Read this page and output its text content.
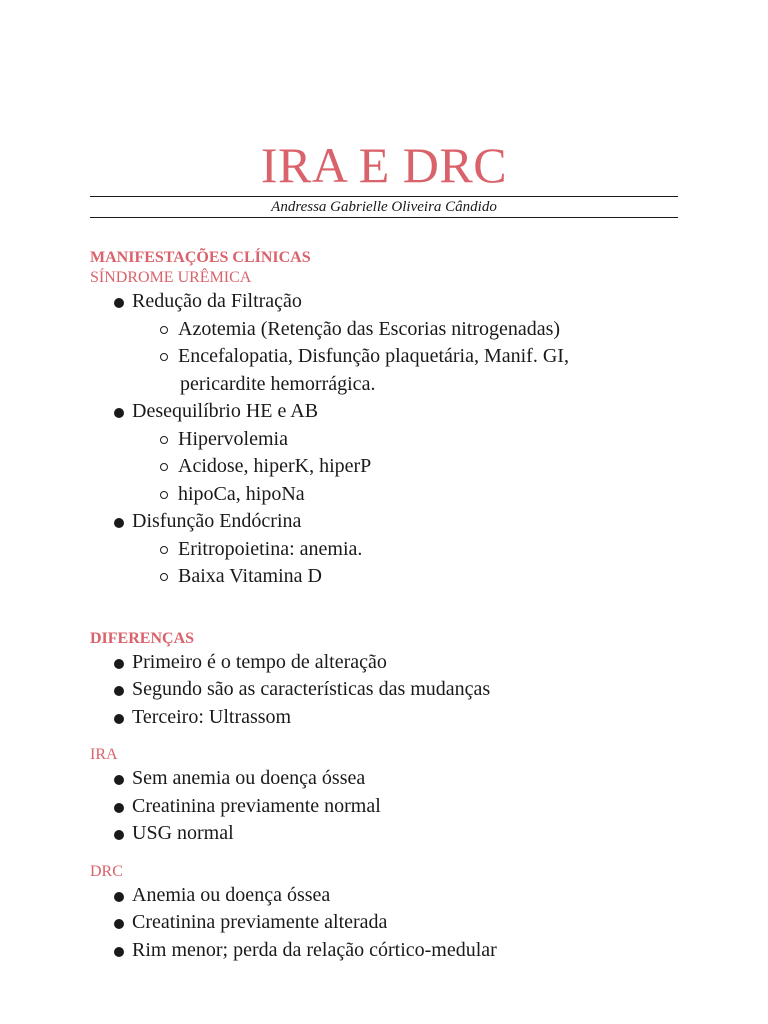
IRA E DRC
Andressa Gabrielle Oliveira Cândido
MANIFESTAÇÕES CLÍNICAS
SÍNDROME URÊMICA
Redução da Filtração
Azotemia (Retenção das Escorias nitrogenadas)
Encefalopatia, Disfunção plaquetária, Manif. GI,
pericardite hemorrágica.
Desequilíbrio HE e AB
Hipervolemia
Acidose, hiperK, hiperP
hipoCa, hipoNa
Disfunção Endócrina
Eritropoietina: anemia.
Baixa Vitamina D
DIFERENÇAS
Primeiro é o tempo de alteração
Segundo são as características das mudanças
Terceiro: Ultrassom
IRA
Sem anemia ou doença óssea
Creatinina previamente normal
USG normal
DRC
Anemia ou doença óssea
Creatinina previamente alterada
Rim menor; perda da relação córtico-medular
